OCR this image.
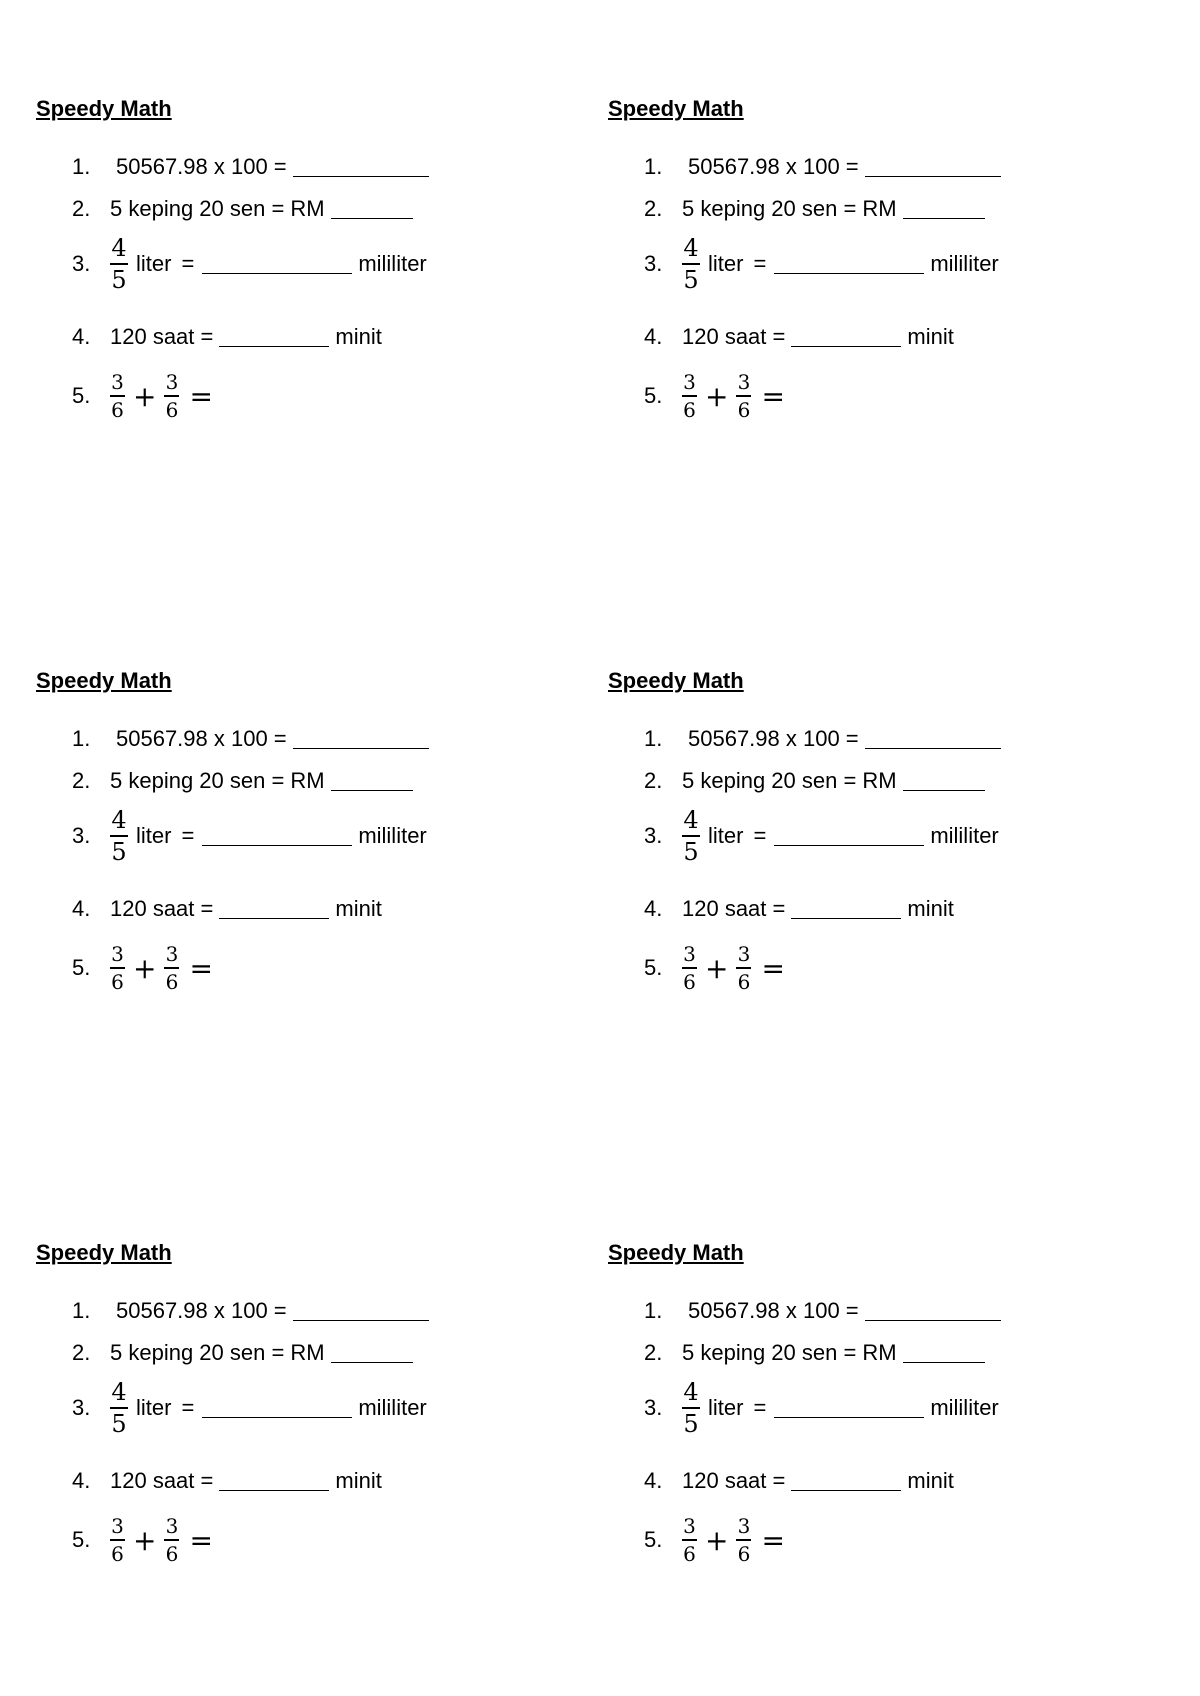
Speedy Math
1.	50567.98 x 100 =
2. 5 keping 20 sen = RM
3. $\frac{4}{5}$ liter =	mililiter
4. 120 saat =	minit
5. $\frac{3}{6} + \frac{3}{6}$ =
Speedy Math
1.	50567.98 x 100 =
2. 5 keping 20 sen = RM
3. $\frac{4}{5}$ liter =	mililiter
4. 120 saat =	minit
5. $\frac{3}{6} + \frac{3}{6}$ =
Speedy Math
1.	50567.98 x 100 =
2. 5 keping 20 sen = RM
3. $\frac{4}{5}$ liter =	mililiter
4. 120 saat =	minit
5. $\frac{3}{6} + \frac{3}{6}$ =
Speedy Math
1.	50567.98 x 100 =
2. 5 keping 20 sen = RM
3. $\frac{4}{5}$ liter =	mililiter
4. 120 saat =	minit
5. $\frac{3}{6} + \frac{3}{6}$ =
Speedy Math
1.	50567.98 x 100 =
2. 5 keping 20 sen = RM
3. $\frac{4}{5}$ liter =	mililiter
4. 120 saat =	minit
5. $\frac{3}{6} + \frac{3}{6}$ =
Speedy Math
1.	50567.98 x 100 =
2. 5 keping 20 sen = RM
3. $\frac{4}{5}$ liter =	mililiter
4. 120 saat =	minit
5. $\frac{3}{6} + \frac{3}{6}$ =
